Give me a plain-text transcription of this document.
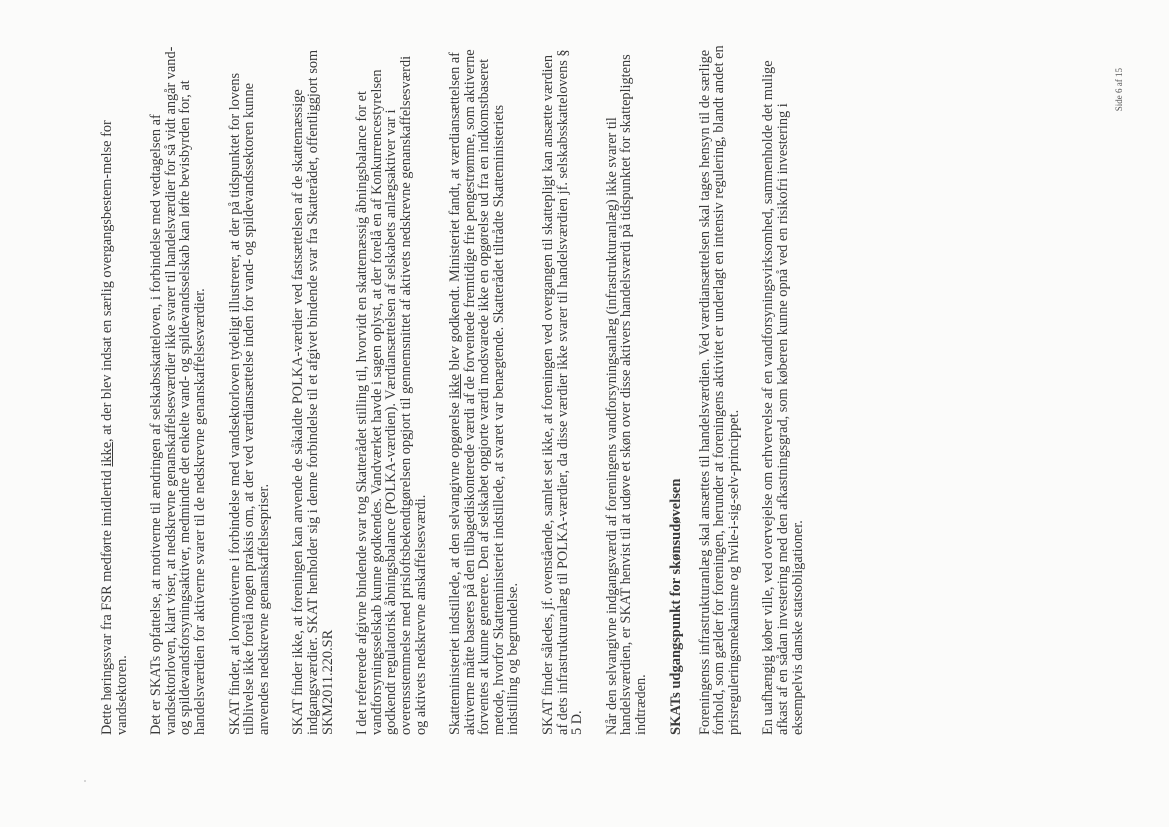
Dette høringssvar fra FSR medførte imidlertid ikke, at der blev indsat en særlig overgangsbestem-melse for vandsektoren. Det er SKATs opfattelse, at motiverne til ændringen af selskabsskatteloven, i forbindelse med vedtagelsen af vandsektorloven, klart viser, at nedskrevne genanskaffelsesværdier ikke svarer til handelsværdier for så vidt angår vand- og spildevandsforsyningsaktiver, medmindre det enkelte vand- og spildevandsselskab kan løfte bevisbyrden for, at handelsværdien for aktiverne svarer til de nedskrevne genanskaffelsesværdier. SKAT finder, at lovmotiverne i forbindelse med vandsektorloven tydeligt illustrerer, at der på tidspunktet for lovens tilblivelse ikke forelå nogen praksis om, at der ved værdiansættelse inden for vand- og spildevandssektoren kunne anvendes nedskrevne genanskaffelsespriser. SKAT finder ikke, at foreningen kan anvende de såkaldte POLKA-værdier ved fastsættelsen af de skattemæssige indgangsværdier. SKAT henholder sig i denne forbindelse til et afgivet bindende svar fra Skatterådet, offentliggjort som SKM2011.220.SR I det refererede afgivne bindende svar tog Skatterådet stilling til, hvorvidt en skattemæssig åbningsbalance for et vandforsyningsselskab kunne godkendes. Vandværket havde i sagen oplyst, at der forelå en af Konkurrencestyrelsen godkendt regulatorisk åbningsbalance (POLKA-værdien). Værdiansættelsen af selskabets anlægsaktiver var i overensstemmelse med prisloftsbekendtgørelsen opgjort til gennemsnittet af aktivets nedskrevne genanskaffelsesværdi og aktivets nedskrevne anskaffelsesværdi. Skatteministeriet indstillede, at den selvangivne opgørelse ikke blev godkendt. Ministeriet fandt, at værdiansættelsen af aktiverne måtte baseres på den tilbagediskonterede værdi af de forventede fremtidige frie pengestrømme, som aktiverne forventes at kunne generere. Den af selskabet opgjorte værdi modsvarede ikke en opgørelse ud fra en indkomstbaseret metode, hvorfor Skatteministeriet indstillede, at svaret var benægtende. Skatterådet tiltrådte Skatteministeriets indstilling og begrundelse. SKAT finder således, jf. ovenstående, samlet set ikke, at foreningen ved overgangen til skattepligt kan ansætte værdien af dets infrastrukturanlæg til POLKA-værdier, da disse værdier ikke svarer til handelsværdien jf. selskabsskattelovens § 5 D. Når den selvangivne indgangsværdi af foreningens vandforsyningsanlæg (infrastrukturanlæg) ikke svarer til handelsværdien, er SKAT henvist til at udøve et skøn over disse aktivers handelsværdi på tidspunktet for skattepligtens indtræden. SKATs udgangspunkt for skønsudøvelsen Foreningenss infrastrukturanlæg skal ansættes til handelsværdien. Ved værdiansættelsen skal tages hensyn til de særlige forhold, som gælder for foreningen, herunder at foreningens aktivitet er underlagt en intensiv regulering, blandt andet en prisreguleringsmekanisme og hvile-i-sig-selv-princippet. En uafhængig køber ville, ved overvejelse om erhvervelse af en vandforsyningsvirksomhed, sammenholde det mulige afkast af en sådan investering med den afkastningsgrad, som køberen kunne opnå ved en risikofri investering i eksempelvis danske statsobligationer.

Side 6 af 15
